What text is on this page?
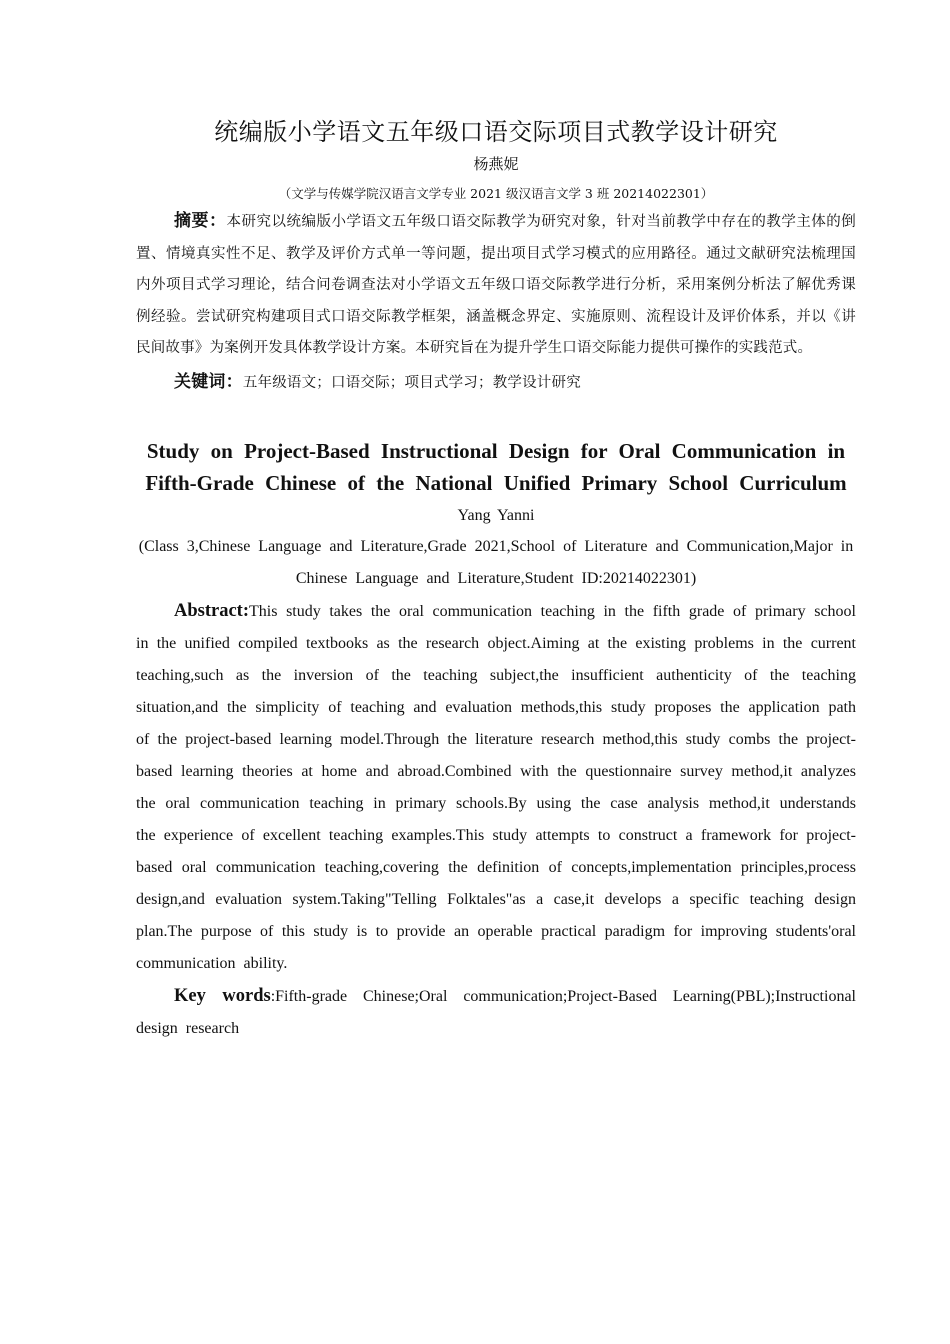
统编版小学语文五年级口语交际项目式教学设计研究

杨燕妮

（文学与传媒学院汉语言文学专业 2021 级汉语言文学 3 班 20214022301）

摘要：本研究以统编版小学语文五年级口语交际教学为研究对象，针对当前教学中存在的教学主体的倒置、情境真实性不足、教学及评价方式单一等问题，提出项目式学习模式的应用路径。通过文献研究法梳理国内外项目式学习理论，结合问卷调查法对小学语文五年级口语交际教学进行分析，采用案例分析法了解优秀课例经验。尝试研究构建项目式口语交际教学框架，涵盖概念界定、实施原则、流程设计及评价体系，并以《讲民间故事》为案例开发具体教学设计方案。本研究旨在为提升学生口语交际能力提供可操作的实践范式。

关键词：五年级语文；口语交际；项目式学习；教学设计研究

Study on Project-Based Instructional Design for Oral Communication in Fifth-Grade Chinese of the National Unified Primary School Curriculum

Yang Yanni

(Class 3,Chinese Language and Literature,Grade 2021,School of Literature and Communication,Major in Chinese Language and Literature,Student ID:20214022301)

Abstract:This study takes the oral communication teaching in the fifth grade of primary school in the unified compiled textbooks as the research object.Aiming at the existing problems in the current teaching,such as the inversion of the teaching subject,the insufficient authenticity of the teaching situation,and the simplicity of teaching and evaluation methods,this study proposes the application path of the project-based learning model.Through the literature research method,this study combs the project-based learning theories at home and abroad.Combined with the questionnaire survey method,it analyzes the oral communication teaching in primary schools.By using the case analysis method,it understands the experience of excellent teaching examples.This study attempts to construct a framework for project-based oral communication teaching,covering the definition of concepts,implementation principles,process design,and evaluation system.Taking"Telling Folktales"as a case,it develops a specific teaching design plan.The purpose of this study is to provide an operable practical paradigm for improving students'oral communication ability.

Key words:Fifth-grade Chinese;Oral communication;Project-Based Learning(PBL);Instructional design research
